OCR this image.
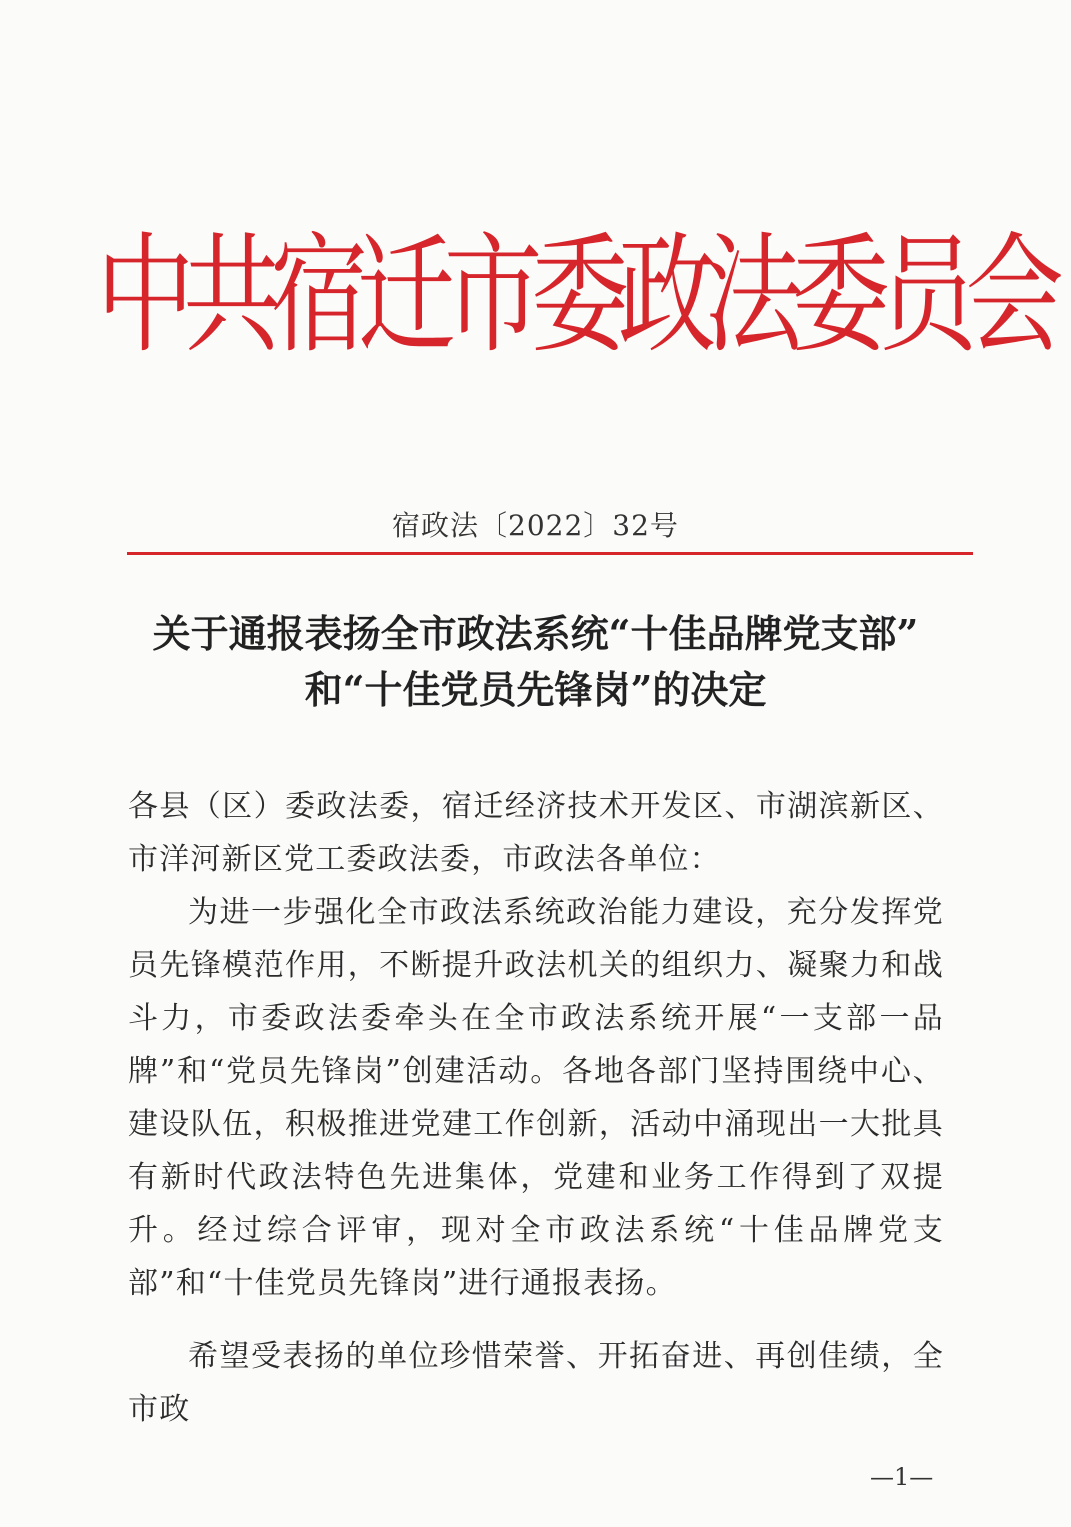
中共宿迁市委政法委员会
宿政法〔2022〕32号
关于通报表扬全市政法系统“十佳品牌党支部”
和“十佳党员先锋岗”的决定

各县（区）委政法委，宿迁经济技术开发区、市湖滨新区、市洋河新区党工委政法委，市政法各单位：

为进一步强化全市政法系统政治能力建设，充分发挥党员先锋模范作用，不断提升政法机关的组织力、凝聚力和战斗力，市委政法委牵头在全市政法系统开展“一支部一品牌”和“党员先锋岗”创建活动。各地各部门坚持围绕中心、建设队伍，积极推进党建工作创新，活动中涌现出一大批具有新时代政法特色先进集体，党建和业务工作得到了双提升。经过综合评审，现对全市政法系统“十佳品牌党支部”和“十佳党员先锋岗”进行通报表扬。

希望受表扬的单位珍惜荣誉、开拓奋进、再创佳绩，全市政

—1—
